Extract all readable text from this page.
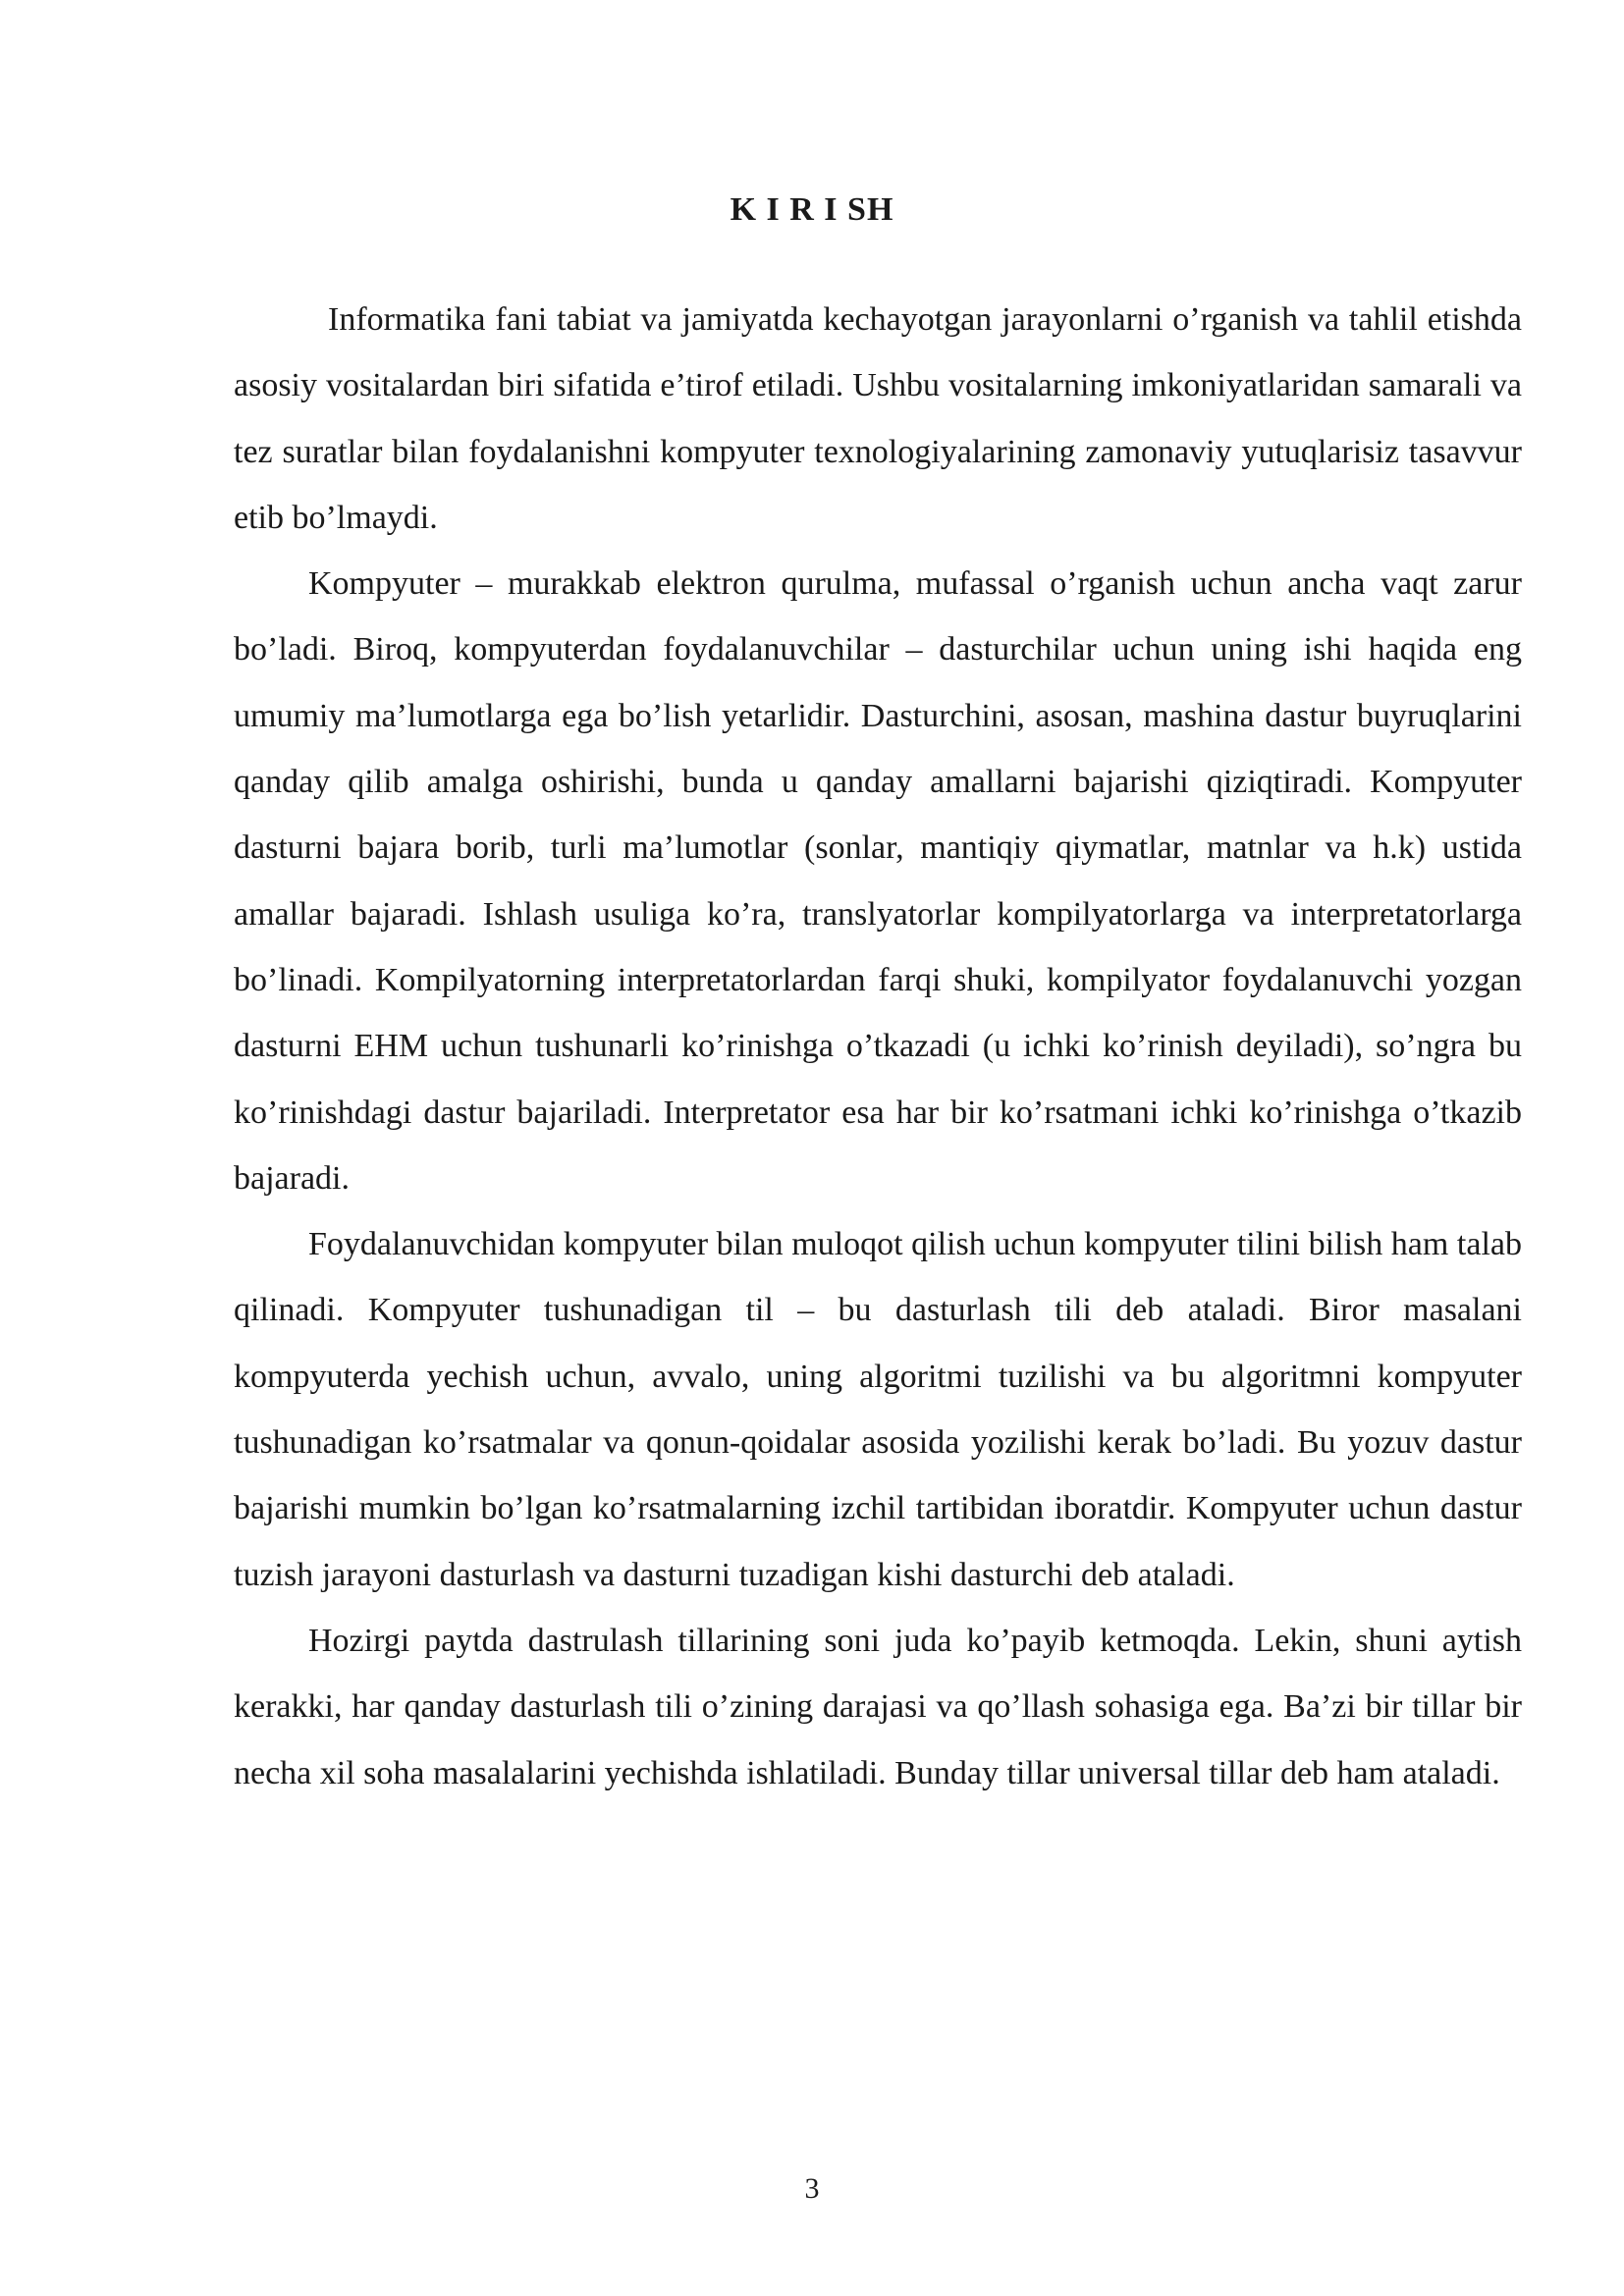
K I R I SH

Informatika fani tabiat va jamiyatda kechayotgan jarayonlarni o’rganish va tahlil etishda asosiy vositalardan biri sifatida e’tirof etiladi. Ushbu vositalarning imkoniyatlaridan samarali va tez suratlar bilan foydalanishni kompyuter texnologiyalarining zamonaviy yutuqlarisiz tasavvur etib bo’lmaydi.

Kompyuter – murakkab elektron qurulma, mufassal o’rganish uchun ancha vaqt zarur bo’ladi. Biroq, kompyuterdan foydalanuvchilar – dasturchilar uchun uning ishi haqida eng umumiy ma’lumotlarga ega bo’lish yetarlidir. Dasturchini, asosan, mashina dastur buyruqlarini qanday qilib amalga oshirishi, bunda u qanday amallarni bajarishi qiziqtiradi. Kompyuter dasturni bajara borib, turli ma’lumotlar (sonlar, mantiqiy qiymatlar, matnlar va h.k) ustida amallar bajaradi. Ishlash usuliga ko’ra, translyatorlar kompilyatorlarga va interpretatorlarga bo’linadi. Kompilyatorning interpretatorlardan farqi shuki, kompilyator foydalanuvchi yozgan dasturni EHM uchun tushunarli ko’rinishga o’tkazadi (u ichki ko’rinish deyiladi), so’ngra bu ko’rinishdagi dastur bajariladi. Interpretator esa har bir ko’rsatmani ichki ko’rinishga o’tkazib bajaradi.

Foydalanuvchidan kompyuter bilan muloqot qilish uchun kompyuter tilini bilish ham talab qilinadi. Kompyuter tushunadigan til – bu dasturlash tili deb ataladi. Biror masalani kompyuterda yechish uchun, avvalo, uning algoritmi tuzilishi va bu algoritmni kompyuter tushunadigan ko’rsatmalar va qonun-qoidalar asosida yozilishi kerak bo’ladi. Bu yozuv dastur bajarishi mumkin bo’lgan ko’rsatmalarning izchil tartibidan iboratdir. Kompyuter uchun dastur tuzish jarayoni dasturlash va dasturni tuzadigan kishi dasturchi deb ataladi.

Hozirgi paytda dastrulash tillarining soni juda ko’payib ketmoqda. Lekin, shuni aytish kerakki, har qanday dasturlash tili o’zining darajasi va qo’llash sohasiga ega. Ba’zi bir tillar bir necha xil soha masalalarini yechishda ishlatiladi. Bunday tillar universal tillar deb ham ataladi.

3
